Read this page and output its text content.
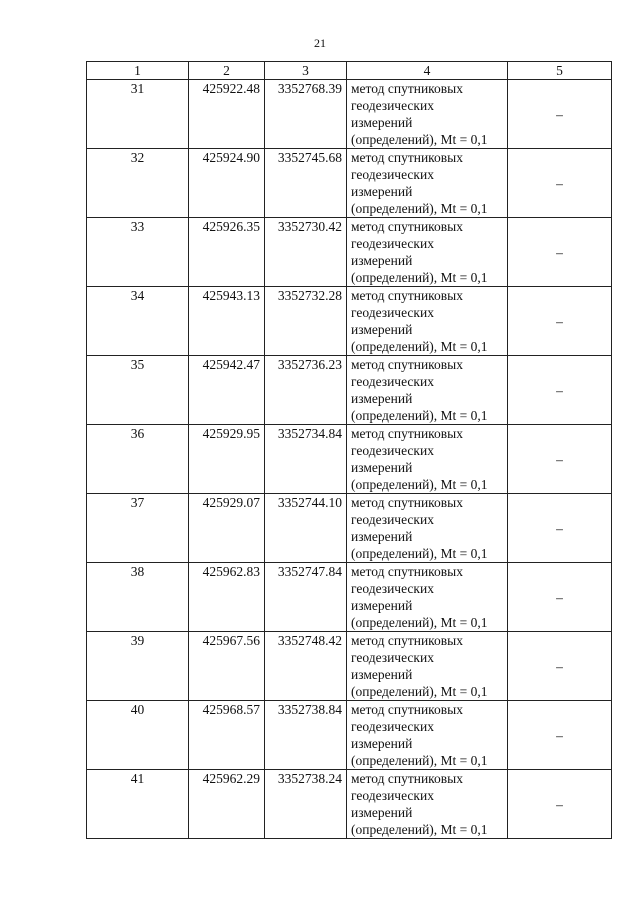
21
1	2	3	4	5
31	425922.48	3352768.39	метод спутниковых
геодезических
измерений
(определений), Mt = 0,1	–
32	425924.90	3352745.68	метод спутниковых
геодезических
измерений
(определений), Mt = 0,1	–
33	425926.35	3352730.42	метод спутниковых
геодезических
измерений
(определений), Mt = 0,1	–
34	425943.13	3352732.28	метод спутниковых
геодезических
измерений
(определений), Mt = 0,1	–
35	425942.47	3352736.23	метод спутниковых
геодезических
измерений
(определений), Mt = 0,1	–
36	425929.95	3352734.84	метод спутниковых
геодезических
измерений
(определений), Mt = 0,1	–
37	425929.07	3352744.10	метод спутниковых
геодезических
измерений
(определений), Mt = 0,1	–
38	425962.83	3352747.84	метод спутниковых
геодезических
измерений
(определений), Mt = 0,1	–
39	425967.56	3352748.42	метод спутниковых
геодезических
измерений
(определений), Mt = 0,1	–
40	425968.57	3352738.84	метод спутниковых
геодезических
измерений
(определений), Mt = 0,1	–
41	425962.29	3352738.24	метод спутниковых
геодезических
измерений
(определений), Mt = 0,1	–
